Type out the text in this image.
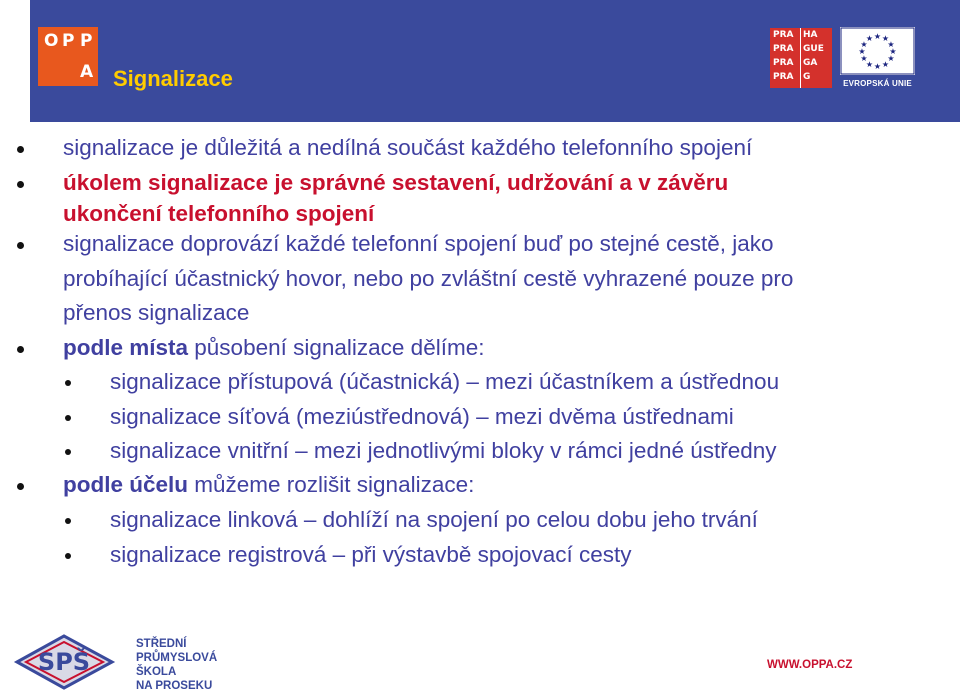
O P P
A Signalizace
PRA HA
PRA GUE
PRA GA
PRA G
★ ★
★
★
★
★
★
★
★
★
★
★
EVROPSKÁ UNIE
signalizace je důležitá a nedílná součást každého telefonního spojení
úkolem signalizace je správné sestavení, udržování a v závěru
ukončení telefonního spojení
signalizace doprovází každé telefonní spojení buď po stejné cestě, jako
probíhající účastnický hovor, nebo po zvláštní cestě vyhrazené pouze pro
přenos signalizace
podle místa působení signalizace dělíme:
signalizace přístupová (účastnická) – mezi účastníkem a ústřednou
signalizace síťová (meziústřednová) – mezi dvěma ústřednami
signalizace vnitřní – mezi jednotlivými bloky v rámci jedné ústředny
podle účelu můžeme rozlišit signalizace:
signalizace linková – dohlíží na spojení po celou dobu jeho trvání
signalizace registrová – při výstavbě spojovací cesty
SPŠ
STŘEDNÍ
PRŮMYSLOVÁ
ŠKOLA
NA PROSEKU
WWW.OPPA.CZ
